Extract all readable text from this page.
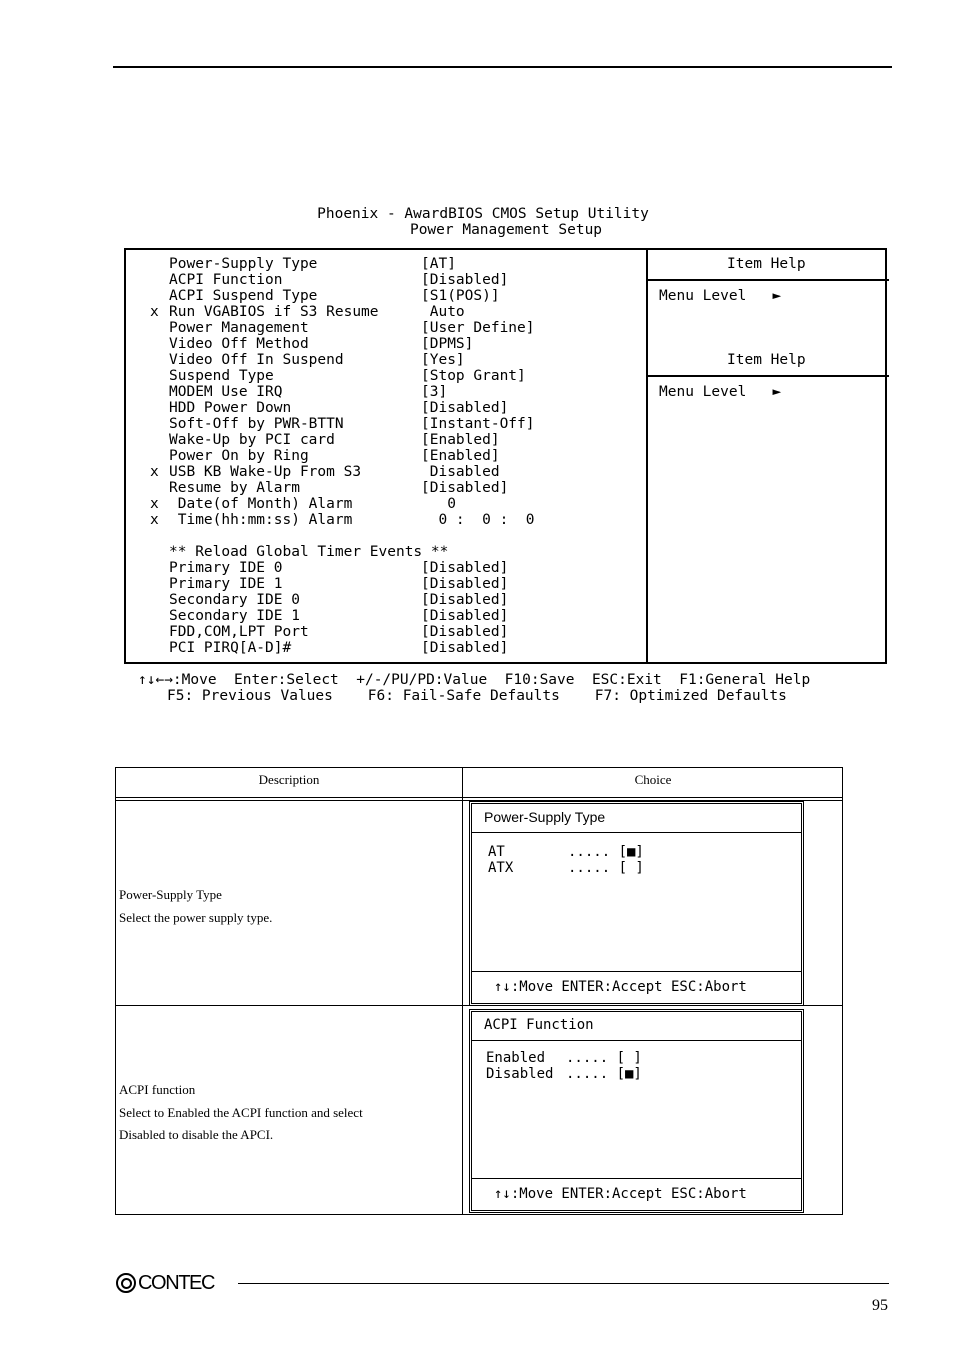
Phoenix - AwardBIOS CMOS Setup Utility
Power Management Setup
Power-Supply Type	[AT]
ACPI Function	[Disabled]
ACPI Suspend Type	[S1(POS)]
x Run VGABIOS if S3 Resume	Auto
Power Management	[User Define]
Video Off Method	[DPMS]
Video Off In Suspend	[Yes]
Suspend Type	[Stop Grant]
MODEM Use IRQ	[3]
HDD Power Down	[Disabled]
Soft-Off by PWR-BTTN	[Instant-Off]
Wake-Up by PCI card	[Enabled]
Power On by Ring	[Enabled]
x USB KB Wake-Up From S3	Disabled
Resume by Alarm	[Disabled]
x Date(of Month) Alarm	0
x Time(hh:mm:ss) Alarm	0 :  0 :  0
** Reload Global Timer Events **
Primary IDE 0	[Disabled]
Primary IDE 1	[Disabled]
Secondary IDE 0	[Disabled]
Secondary IDE 1	[Disabled]
FDD,COM,LPT Port	[Disabled]
PCI PIRQ[A-D]#	[Disabled]
Item Help
Menu Level   ►
Item Help
Menu Level   ►
↑↓←→:Move  Enter:Select  +/-/PU/PD:Value  F10:Save  ESC:Exit  F1:General Help
F5: Previous Values    F6: Fail-Safe Defaults    F7: Optimized Defaults
Description	Choice
Power-Supply Type
Select the power supply type.
Power-Supply Type
AT	..... [■]
ATX	..... [ ]
↑↓:Move ENTER:Accept ESC:Abort
ACPI function
Select to Enabled the ACPI function and select
Disabled to disable the APCI.
ACPI Function
Enabled ..... [ ]
Disabled ..... [■]
↑↓:Move ENTER:Accept ESC:Abort
CONTEC
95
